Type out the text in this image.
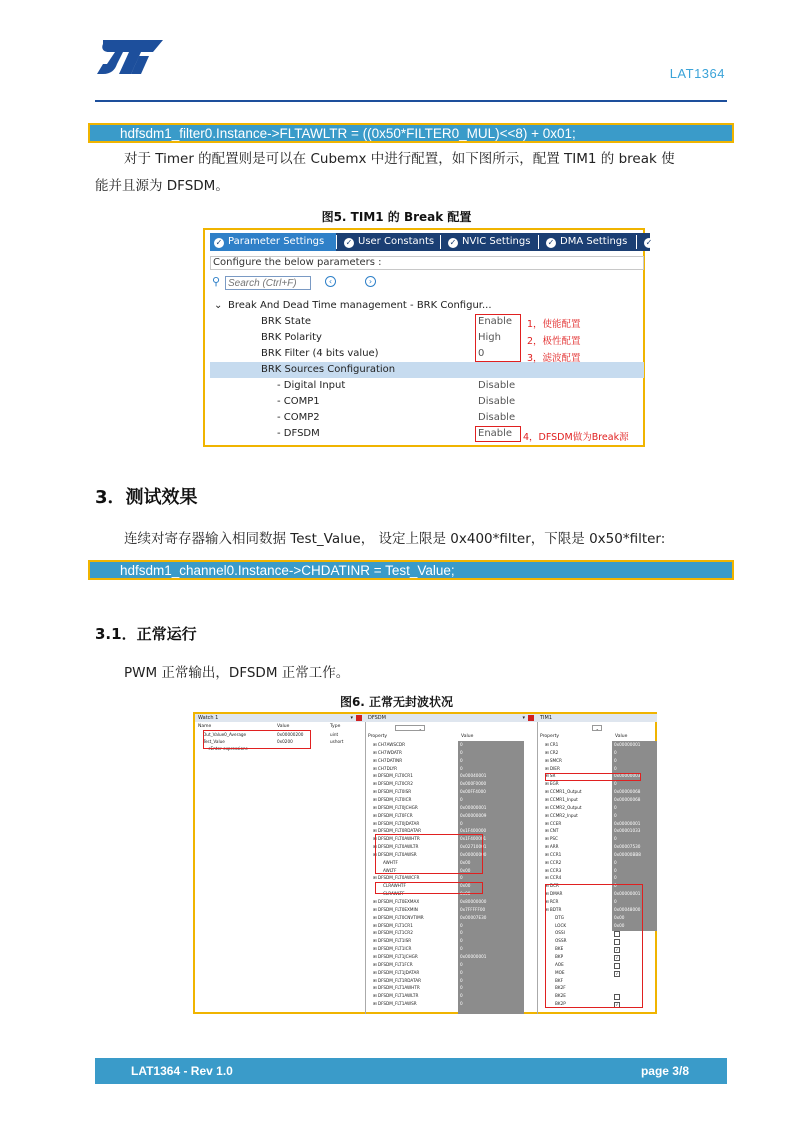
LAT1364
hdfsdm1_filter0.Instance->FLTAWLTR = ((0x50*FILTER0_MUL)<<8) + 0x01;
对于 Timer 的配置则是可以在 Cubemx 中进行配置，如下图所示，配置 TIM1 的 break 使
能并且源为 DFSDM。
图5. TIM1 的 Break 配置
✓ Parameter Settings	✓ User Constants	✓ NVIC Settings	✓ DMA Settings	✓
Configure the below parameters :
⚲
Search (Ctrl+F)	‹	›
⌄ Break And Dead Time management - BRK Configur...
BRK State	Enable
BRK Polarity	High
BRK Filter (4 bits value)	0
BRK Sources Configuration
- Digital Input	Disable
- COMP1	Disable
- COMP2	Disable
- DFSDM	Enable
1，使能配置
2，极性配置
3，滤波配置
4，DFSDM做为Break源
3．测试效果
连续对寄存器输入相同数据 Test_Value， 设定上限是 0x400*filter，下限是 0x50*filter:
hdfsdm1_channel0.Instance->CHDATINR = Test_Value;
3.1．正常运行
PWM 正常输出，DFSDM 正常工作。
图6. 正常无封波状况
Watch 1	▾
Name	Value	Type
Out_Value0_Average	0x00000200	uint
Test_Value	0x0200	ushort
<Enter expression>
DFSDM	▾
⌄
Property	Value
⊞ CH7AWSCDR	0
⊞ CH7WDATR	0
⊞ CH7DATINR	0
⊞ CH7DLYR	0
⊞ DFSDM_FLT0CR1	0x00040001
⊞ DFSDM_FLT0CR2	0x000F0000
⊞ DFSDM_FLT0ISR	0x00FF4000
⊞ DFSDM_FLT0ICR	0
⊞ DFSDM_FLT0JCHGR	0x00000001
⊞ DFSDM_FLT0FCR	0x00000009
⊞ DFSDM_FLT0JDATAR	0
⊞ DFSDM_FLT0RDATAR	0x1F400000
⊞ DFSDM_FLT0AWHTR	0x1F400001
⊞ DFSDM_FLT0AWLTR	0x02710001
⊞ DFSDM_FLT0AWSR	0x00000000
AWHTF	0x00
AWLTF	0x00
⊞ DFSDM_FLT0AWCFR	0
CLRAWHTF	0x00
CLRAWLTF	0x00
⊞ DFSDM_FLT0EXMAX	0x80000000
⊞ DFSDM_FLT0EXMIN	0x7FFFFF00
⊞ DFSDM_FLT0CNVTIMR	0x00007E30
⊞ DFSDM_FLT1CR1	0
⊞ DFSDM_FLT1CR2	0
⊞ DFSDM_FLT1ISR	0
⊞ DFSDM_FLT1ICR	0
⊞ DFSDM_FLT1JCHGR	0x00000001
⊞ DFSDM_FLT1FCR	0
⊞ DFSDM_FLT1JDATAR	0
⊞ DFSDM_FLT1RDATAR	0
⊞ DFSDM_FLT1AWHTR	0
⊞ DFSDM_FLT1AWLTR	0
⊞ DFSDM_FLT1AWSR	0
TIM1
⌄
Property	Value
⊞ CR1	0x00000001
⊞ CR2	0
⊞ SMCR	0
⊞ DIER	0
⊞ SR	0x00000003
⊞ EGR	0
⊞ CCMR1_Output	0x00000068
⊞ CCMR1_Input	0x00000068
⊞ CCMR2_Output	0
⊞ CCMR2_Input	0
⊞ CCER	0x00000001
⊞ CNT	0x00001033
⊞ PSC	0
⊞ ARR	0x00007530
⊞ CCR1	0x00000BB8
⊞ CCR2	0
⊞ CCR3	0
⊞ CCR4	0
⊞ DCR	0
⊞ DMAR	0x00000001
⊞ RCR	0
⊞ BDTR	0x00048000
DTG	0x00
LOCK	0x00
OSSI
OSSR
BKE	✓
BKP	✓
AOE
MOE	✓
BKF	0x04
BK2F	0x00
BK2E
BK2P	✓
LAT1364 - Rev 1.0	page 3/8
